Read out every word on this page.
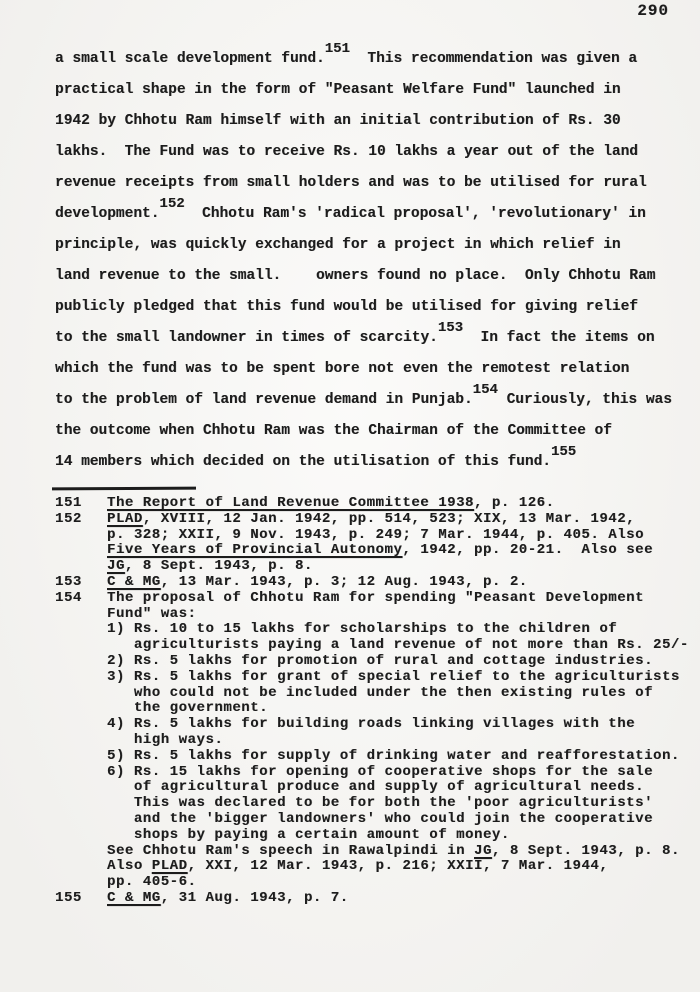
290
a small scale development fund.151  This recommendation was given a
practical shape in the form of "Peasant Welfare Fund" launched in
1942 by Chhotu Ram himself with an initial contribution of Rs. 30
lakhs.  The Fund was to receive Rs. 10 lakhs a year out of the land
revenue receipts from small holders and was to be utilised for rural
development.152  Chhotu Ram's 'radical proposal', 'revolutionary' in
principle, was quickly exchanged for a project in which relief in
land revenue to the small.    owners found no place.  Only Chhotu Ram
publicly pledged that this fund would be utilised for giving relief
to the small landowner in times of scarcity.153  In fact the items on
which the fund was to be spent bore not even the remotest relation
to the problem of land revenue demand in Punjab.154 Curiously, this was
the outcome when Chhotu Ram was the Chairman of the Committee of
14 members which decided on the utilisation of this fund.155
151	The Report of Land Revenue Committee 1938, p. 126.
152	PLAD, XVIII, 12 Jan. 1942, pp. 514, 523; XIX, 13 Mar. 1942,
p. 328; XXII, 9 Nov. 1943, p. 249; 7 Mar. 1944, p. 405. Also
Five Years of Provincial Autonomy, 1942, pp. 20-21.  Also see
JG, 8 Sept. 1943, p. 8.
153	C & MG, 13 Mar. 1943, p. 3; 12 Aug. 1943, p. 2.
154	The proposal of Chhotu Ram for spending "Peasant Development
Fund" was:
1) Rs. 10 to 15 lakhs for scholarships to the children of
agriculturists paying a land revenue of not more than Rs. 25/-
2) Rs. 5 lakhs for promotion of rural and cottage industries.
3) Rs. 5 lakhs for grant of special relief to the agriculturists
who could not be included under the then existing rules of
the government.
4) Rs. 5 lakhs for building roads linking villages with the
high ways.
5) Rs. 5 lakhs for supply of drinking water and reafforestation.
6) Rs. 15 lakhs for opening of cooperative shops for the sale
of agricultural produce and supply of agricultural needs.
This was declared to be for both the 'poor agriculturists'
and the 'bigger landowners' who could join the cooperative
shops by paying a certain amount of money.
See Chhotu Ram's speech in Rawalpindi in JG, 8 Sept. 1943, p. 8.
Also PLAD, XXI, 12 Mar. 1943, p. 216; XXII, 7 Mar. 1944,
pp. 405-6.
155	C & MG, 31 Aug. 1943, p. 7.
